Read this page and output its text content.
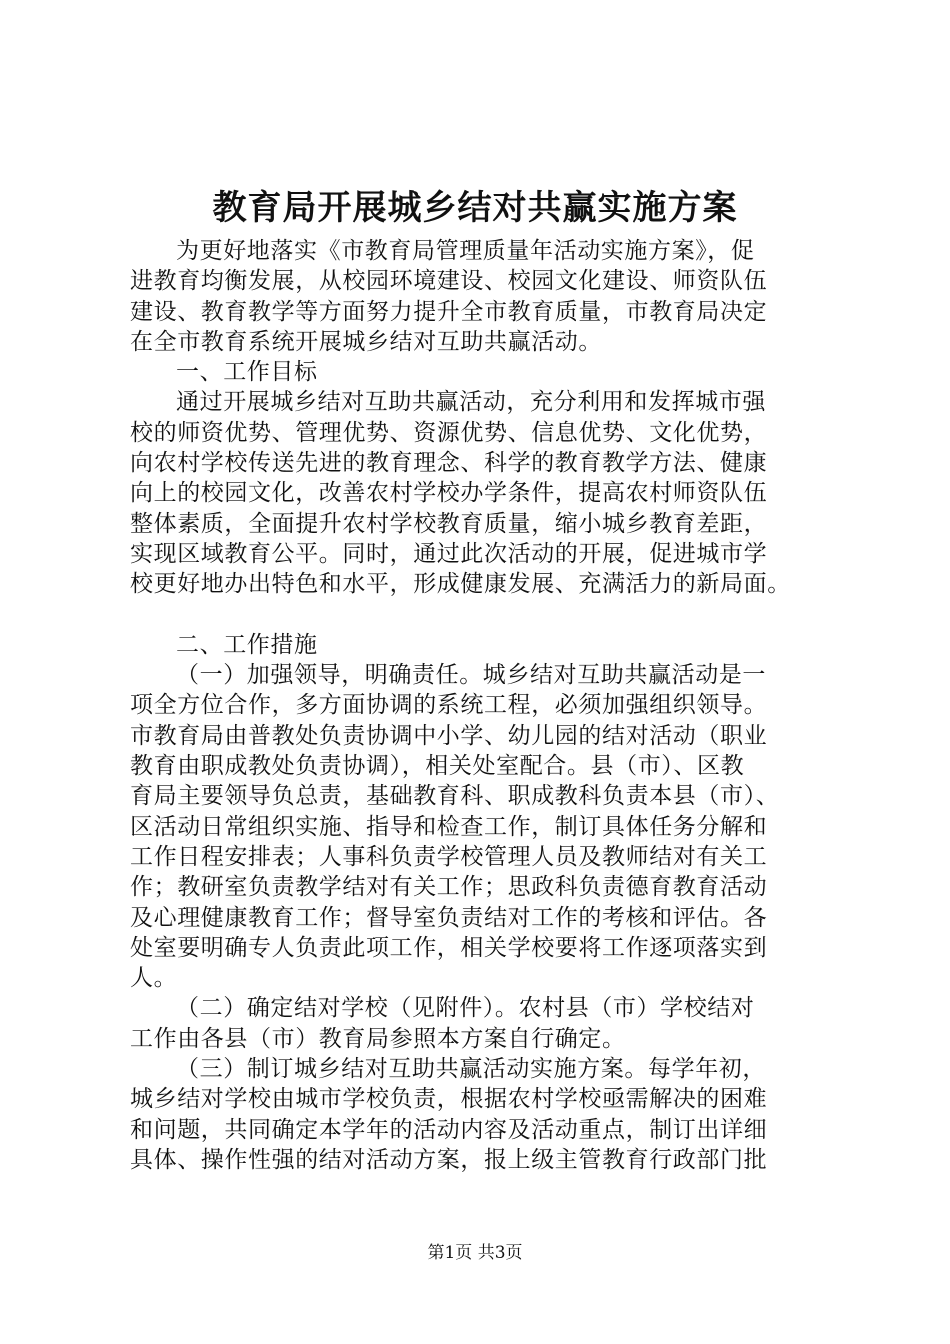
教育局开展城乡结对共赢实施方案
为更好地落实《市教育局管理质量年活动实施方案》，促
进教育均衡发展，从校园环境建设、校园文化建设、师资队伍
建设、教育教学等方面努力提升全市教育质量，市教育局决定
在全市教育系统开展城乡结对互助共赢活动。
一、工作目标
通过开展城乡结对互助共赢活动，充分利用和发挥城市强
校的师资优势、管理优势、资源优势、信息优势、文化优势，
向农村学校传送先进的教育理念、科学的教育教学方法、健康
向上的校园文化，改善农村学校办学条件，提高农村师资队伍
整体素质，全面提升农村学校教育质量，缩小城乡教育差距，
实现区域教育公平。同时，通过此次活动的开展，促进城市学
校更好地办出特色和水平，形成健康发展、充满活力的新局面。
二、工作措施
（一）加强领导，明确责任。城乡结对互助共赢活动是一
项全方位合作，多方面协调的系统工程，必须加强组织领导。
市教育局由普教处负责协调中小学、幼儿园的结对活动（职业
教育由职成教处负责协调），相关处室配合。县（市）、区教
育局主要领导负总责，基础教育科、职成教科负责本县（市）、
区活动日常组织实施、指导和检查工作，制订具体任务分解和
工作日程安排表；人事科负责学校管理人员及教师结对有关工
作；教研室负责教学结对有关工作；思政科负责德育教育活动
及心理健康教育工作；督导室负责结对工作的考核和评估。各
处室要明确专人负责此项工作，相关学校要将工作逐项落实到
人。
（二）确定结对学校（见附件）。农村县（市）学校结对
工作由各县（市）教育局参照本方案自行确定。
（三）制订城乡结对互助共赢活动实施方案。每学年初，
城乡结对学校由城市学校负责，根据农村学校亟需解决的困难
和问题，共同确定本学年的活动内容及活动重点，制订出详细
具体、操作性强的结对活动方案，报上级主管教育行政部门批
第1页 共3页
